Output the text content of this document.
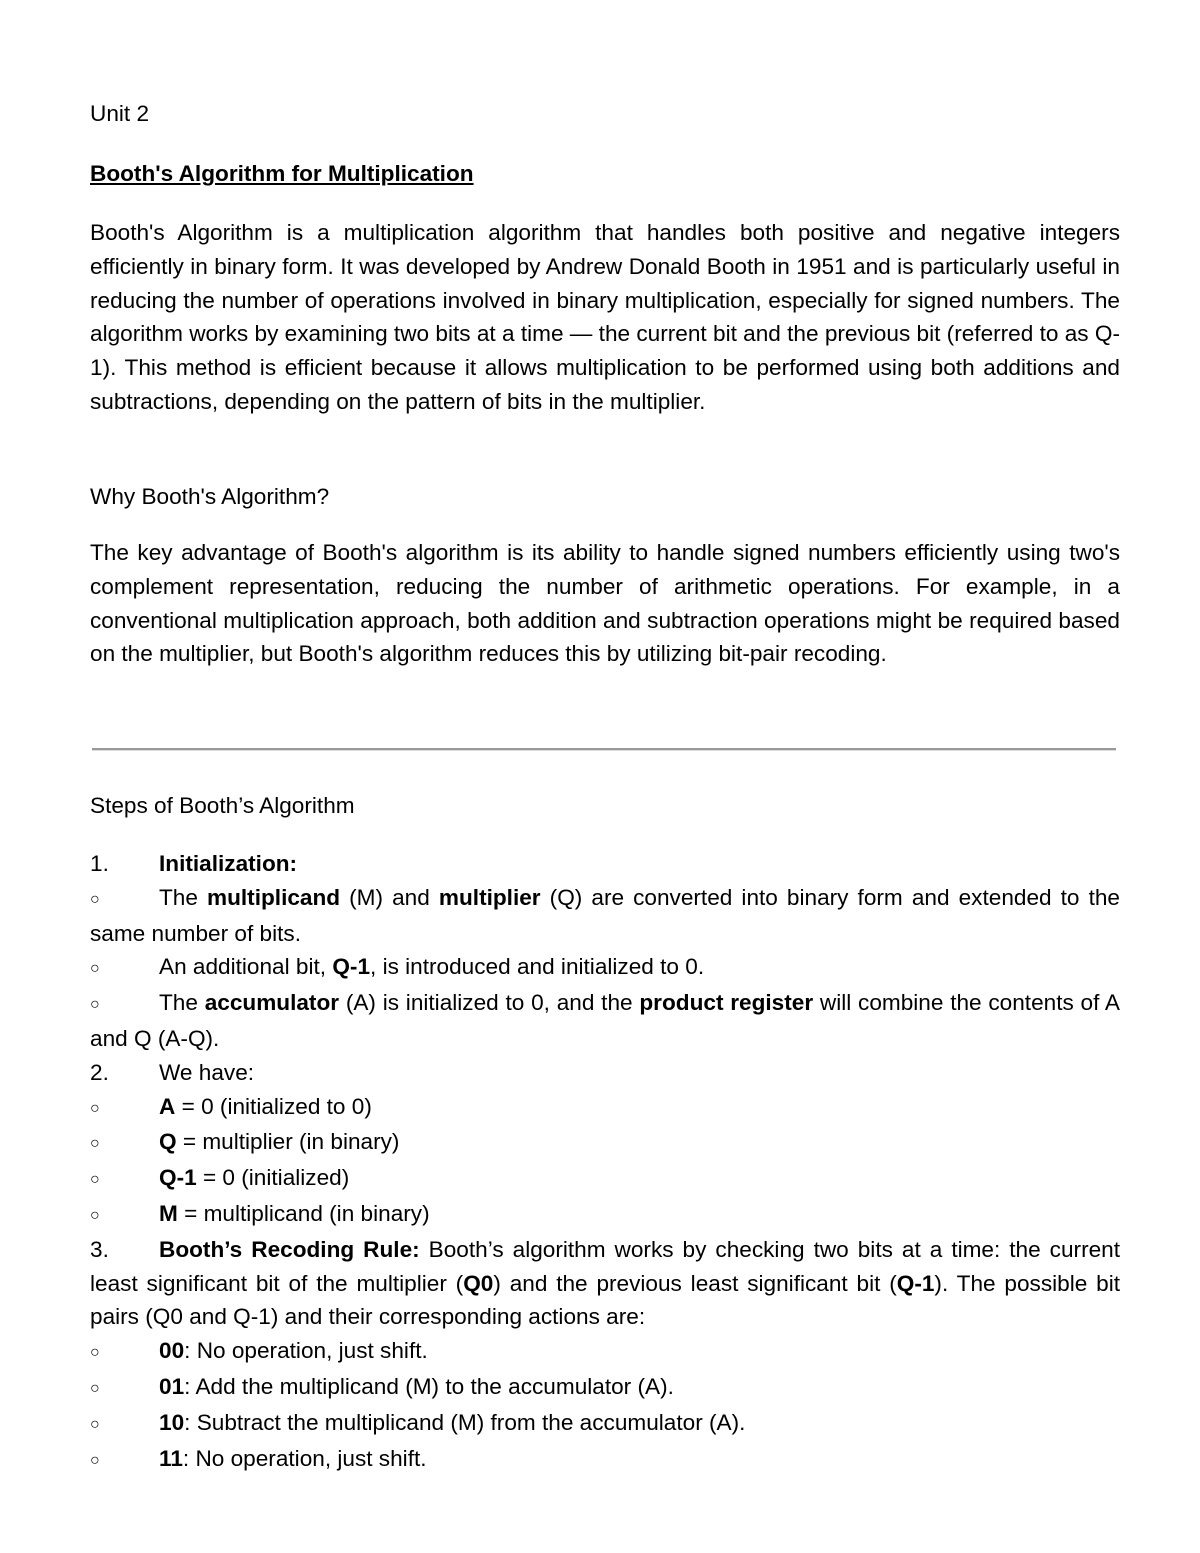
Unit 2
Booth's Algorithm for Multiplication

Booth's Algorithm is a multiplication algorithm that handles both positive and negative integers efficiently in binary form. It was developed by Andrew Donald Booth in 1951 and is particularly useful in reducing the number of operations involved in binary multiplication, especially for signed numbers. The algorithm works by examining two bits at a time — the current bit and the previous bit (referred to as Q-1). This method is efficient because it allows multiplication to be performed using both additions and subtractions, depending on the pattern of bits in the multiplier.

Why Booth's Algorithm?

The key advantage of Booth's algorithm is its ability to handle signed numbers efficiently using two's complement representation, reducing the number of arithmetic operations. For example, in a conventional multiplication approach, both addition and subtraction operations might be required based on the multiplier, but Booth's algorithm reduces this by utilizing bit-pair recoding.

Steps of Booth’s Algorithm

1. Initialization:

○	The multiplicand (M) and multiplier (Q) are converted into binary form and extended to the same number of bits.

○	An additional bit, Q-1, is introduced and initialized to 0.

○	The accumulator (A) is initialized to 0, and the product register will combine the contents of A and Q (A-Q).

2. We have:

○	A = 0 (initialized to 0)

○	Q = multiplier (in binary)

○	Q-1 = 0 (initialized)

○	M = multiplicand (in binary)

3. Booth’s Recoding Rule: Booth’s algorithm works by checking two bits at a time: the current least significant bit of the multiplier (Q0) and the previous least significant bit (Q-1). The possible bit pairs (Q0 and Q-1) and their corresponding actions are:

○	00: No operation, just shift.

○	01: Add the multiplicand (M) to the accumulator (A).

○	10: Subtract the multiplicand (M) from the accumulator (A).

○	11: No operation, just shift.
